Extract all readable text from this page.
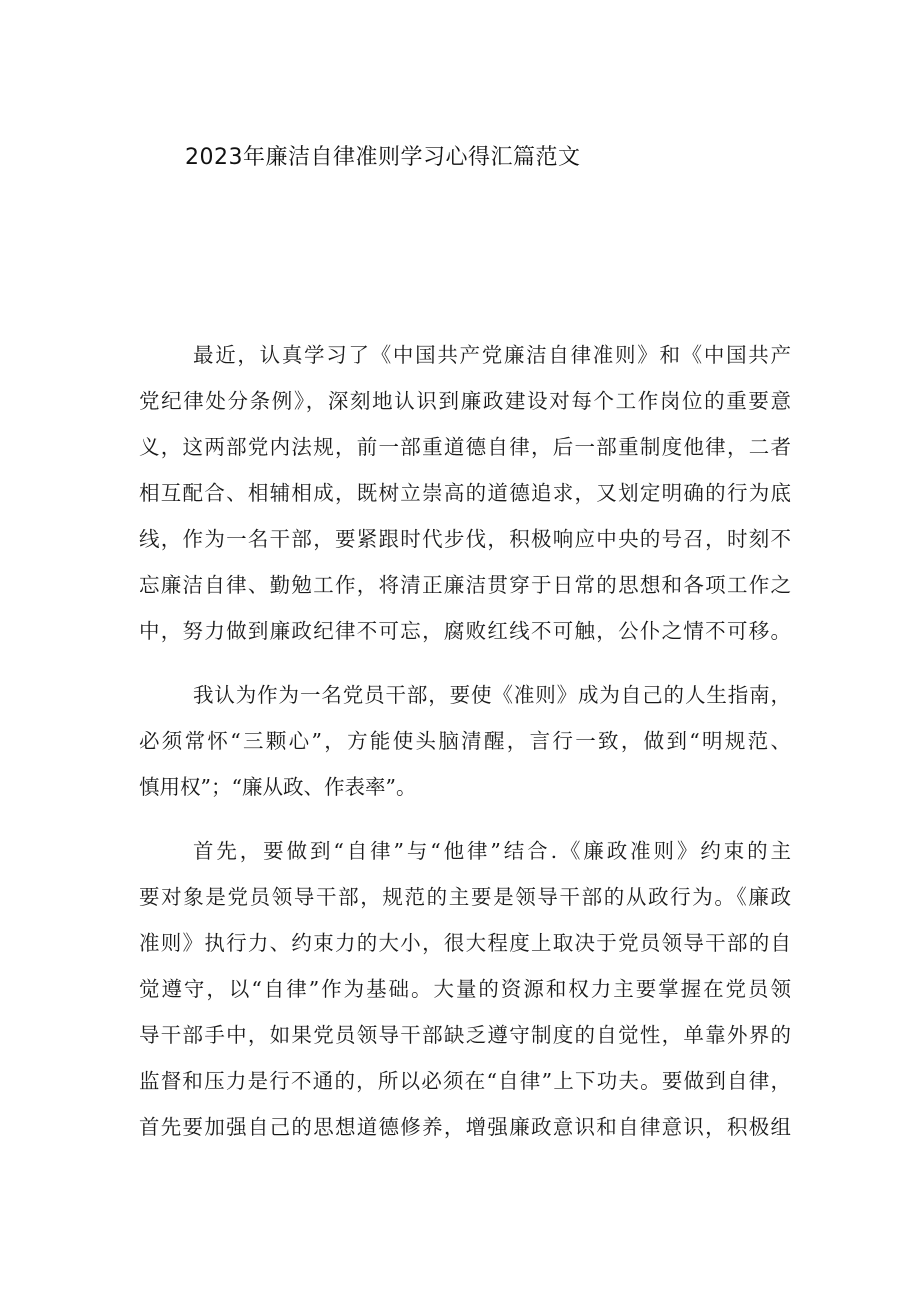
2023年廉洁自律准则学习心得汇篇范文
最近，认真学习了《中国共产党廉洁自律准则》和《中国共产
党纪律处分条例》，深刻地认识到廉政建设对每个工作岗位的重要意
义，这两部党内法规，前一部重道德自律，后一部重制度他律，二者
相互配合、相辅相成，既树立崇高的道德追求，又划定明确的行为底
线，作为一名干部，要紧跟时代步伐，积极响应中央的号召，时刻不
忘廉洁自律、勤勉工作，将清正廉洁贯穿于日常的思想和各项工作之
中，努力做到廉政纪律不可忘，腐败红线不可触，公仆之情不可移。
我认为作为一名党员干部，要使《准则》成为自己的人生指南，
必须常怀“三颗心”，方能使头脑清醒，言行一致，做到“明规范、
慎用权”；“廉从政、作表率”。
首先，要做到“自律”与“他律”结合.《廉政准则》约束的主
要对象是党员领导干部，规范的主要是领导干部的从政行为。《廉政
准则》执行力、约束力的大小，很大程度上取决于党员领导干部的自
觉遵守，以“自律”作为基础。大量的资源和权力主要掌握在党员领
导干部手中，如果党员领导干部缺乏遵守制度的自觉性，单靠外界的
监督和压力是行不通的，所以必须在“自律”上下功夫。要做到自律，
首先要加强自己的思想道德修养，增强廉政意识和自律意识，积极组
